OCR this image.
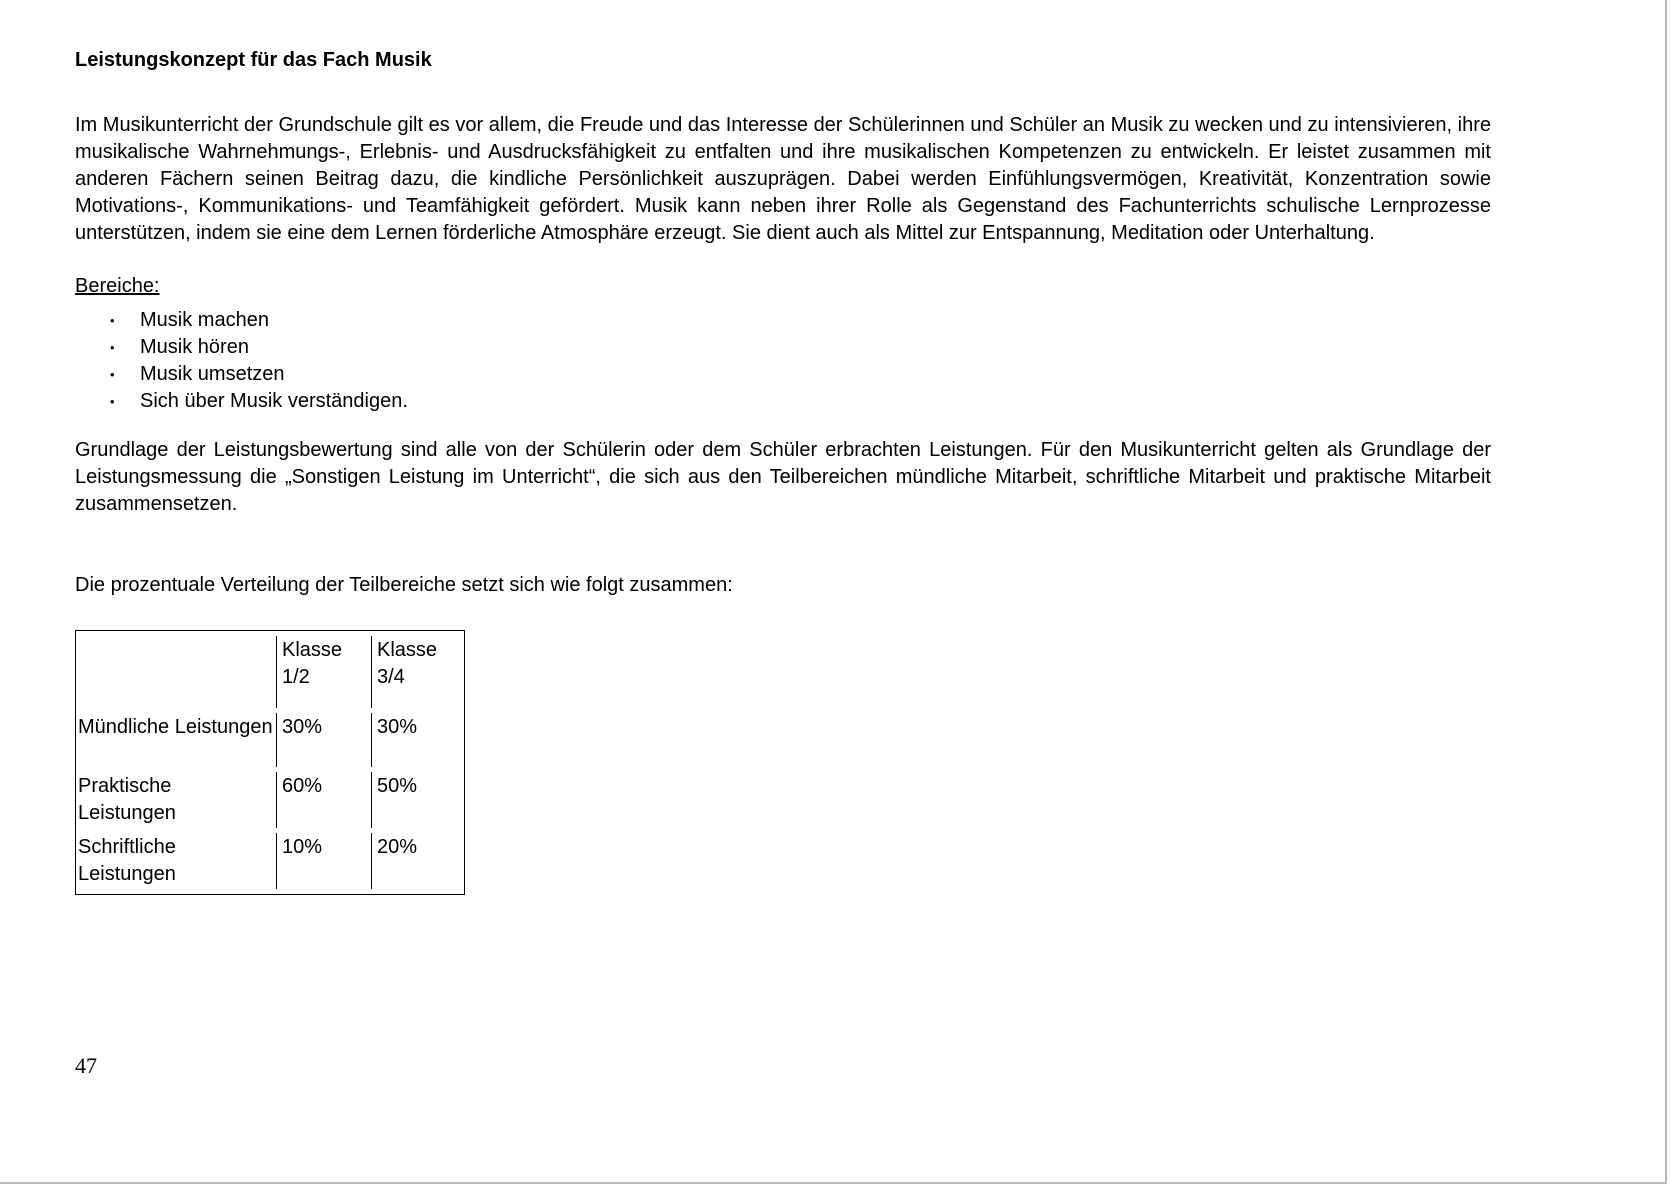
Leistungskonzept für das Fach Musik

Im Musikunterricht der Grundschule gilt es vor allem, die Freude und das Interesse der Schülerinnen und Schüler an Musik zu wecken und zu intensivieren, ihre musikalische Wahrnehmungs-, Erlebnis- und Ausdrucksfähigkeit zu entfalten und ihre musikalischen Kompetenzen zu entwickeln. Er leistet zusammen mit anderen Fächern seinen Beitrag dazu, die kindliche Persönlichkeit auszuprägen. Dabei werden Einfühlungsvermögen, Kreativität, Konzentration sowie Motivations-, Kommunikations- und Teamfähigkeit gefördert. Musik kann neben ihrer Rolle als Gegenstand des Fachunterrichts schulische Lernprozesse unterstützen, indem sie eine dem Lernen förderliche Atmosphäre erzeugt. Sie dient auch als Mittel zur Entspannung, Meditation oder Unterhaltung.

Bereiche:
•	Musik machen
•	Musik hören
•	Musik umsetzen
•	Sich über Musik verständigen.

Grundlage der Leistungsbewertung sind alle von der Schülerin oder dem Schüler erbrachten Leistungen. Für den Musikunterricht gelten als Grundlage der Leistungsmessung die „Sonstigen Leistung im Unterricht“, die sich aus den Teilbereichen mündliche Mitarbeit, schriftliche Mitarbeit und praktische Mitarbeit zusammensetzen.

Die prozentuale Verteilung der Teilbereiche setzt sich wie folgt zusammen:

	Klasse 1/2	Klasse 3/4
Mündliche Leistungen	30%	30%
Praktische Leistungen	60%	50%
Schriftliche Leistungen	10%	20%
47
